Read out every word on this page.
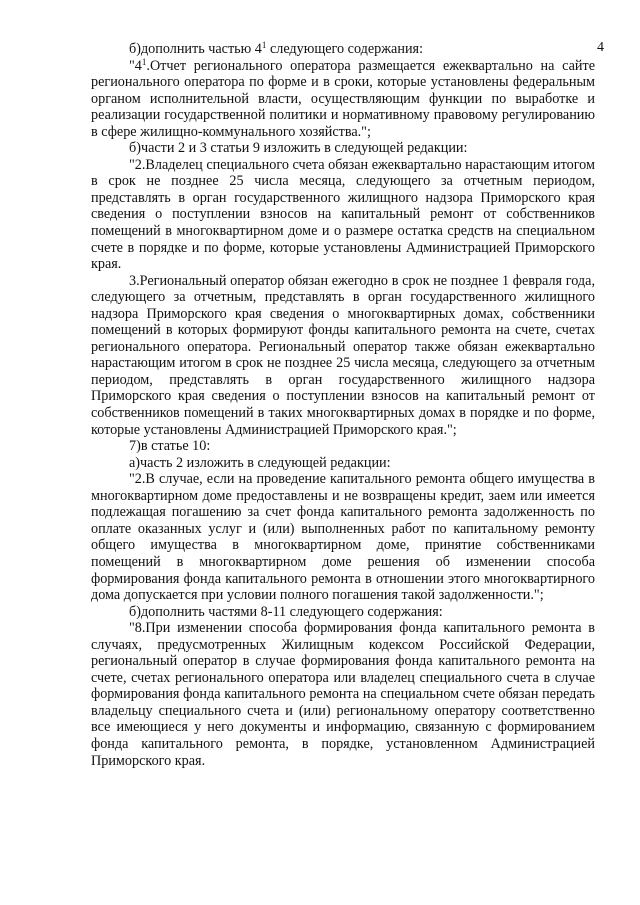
4

б)дополнить частью $4^1$ следующего содержания:

"$4^1.Отчет$ регионального оператора размещается ежеквартально на сайте регионального оператора по форме и в сроки, которые установлены федеральным органом исполнительной власти, осуществляющим функции по выработке и реализации государственной политики и нормативному правовому регулированию в сфере жилищно-коммунального хозяйства.";

б)части 2 и 3 статьи 9 изложить в следующей редакции:

"2.Владелец специального счета обязан ежеквартально нарастающим итогом в срок не позднее 25 числа месяца, следующего за отчетным периодом, представлять в орган государственного жилищного надзора Приморского края сведения о поступлении взносов на капитальный ремонт от собственников помещений в многоквартирном доме и о размере остатка средств на специальном счете в порядке и по форме, которые установлены Администрацией Приморского края.

3.Региональный оператор обязан ежегодно в срок не позднее 1 февраля года, следующего за отчетным, представлять в орган государственного жилищного надзора Приморского края сведения о многоквартирных домах, собственники помещений в которых формируют фонды капитального ремонта на счете, счетах регионального оператора. Региональный оператор также обязан ежеквартально нарастающим итогом в срок не позднее 25 числа месяца, следующего за отчетным периодом, представлять в орган государственного жилищного надзора Приморского края сведения о поступлении взносов на капитальный ремонт от собственников помещений в таких многоквартирных домах в порядке и по форме, которые установлены Администрацией Приморского края.";

7)в статье 10:

а)часть 2 изложить в следующей редакции:

"2.В случае, если на проведение капитального ремонта общего имущества в многоквартирном доме предоставлены и не возвращены кредит, заем или имеется подлежащая погашению за счет фонда капитального ремонта задолженность по оплате оказанных услуг и (или) выполненных работ по капитальному ремонту общего имущества в многоквартирном доме, принятие собственниками помещений в многоквартирном доме решения об изменении способа формирования фонда капитального ремонта в отношении этого многоквартирного дома допускается при условии полного погашения такой задолженности.";

б)дополнить частями 8-11 следующего содержания:

"8.При изменении способа формирования фонда капитального ремонта в случаях, предусмотренных Жилищным кодексом Российской Федерации, региональный оператор в случае формирования фонда капитального ремонта на счете, счетах регионального оператора или владелец специального счета в случае формирования фонда капитального ремонта на специальном счете обязан передать владельцу специального счета и (или) региональному оператору соответственно все имеющиеся у него документы и информацию, связанную с формированием фонда капитального ремонта, в порядке, установленном Администрацией Приморского края.
